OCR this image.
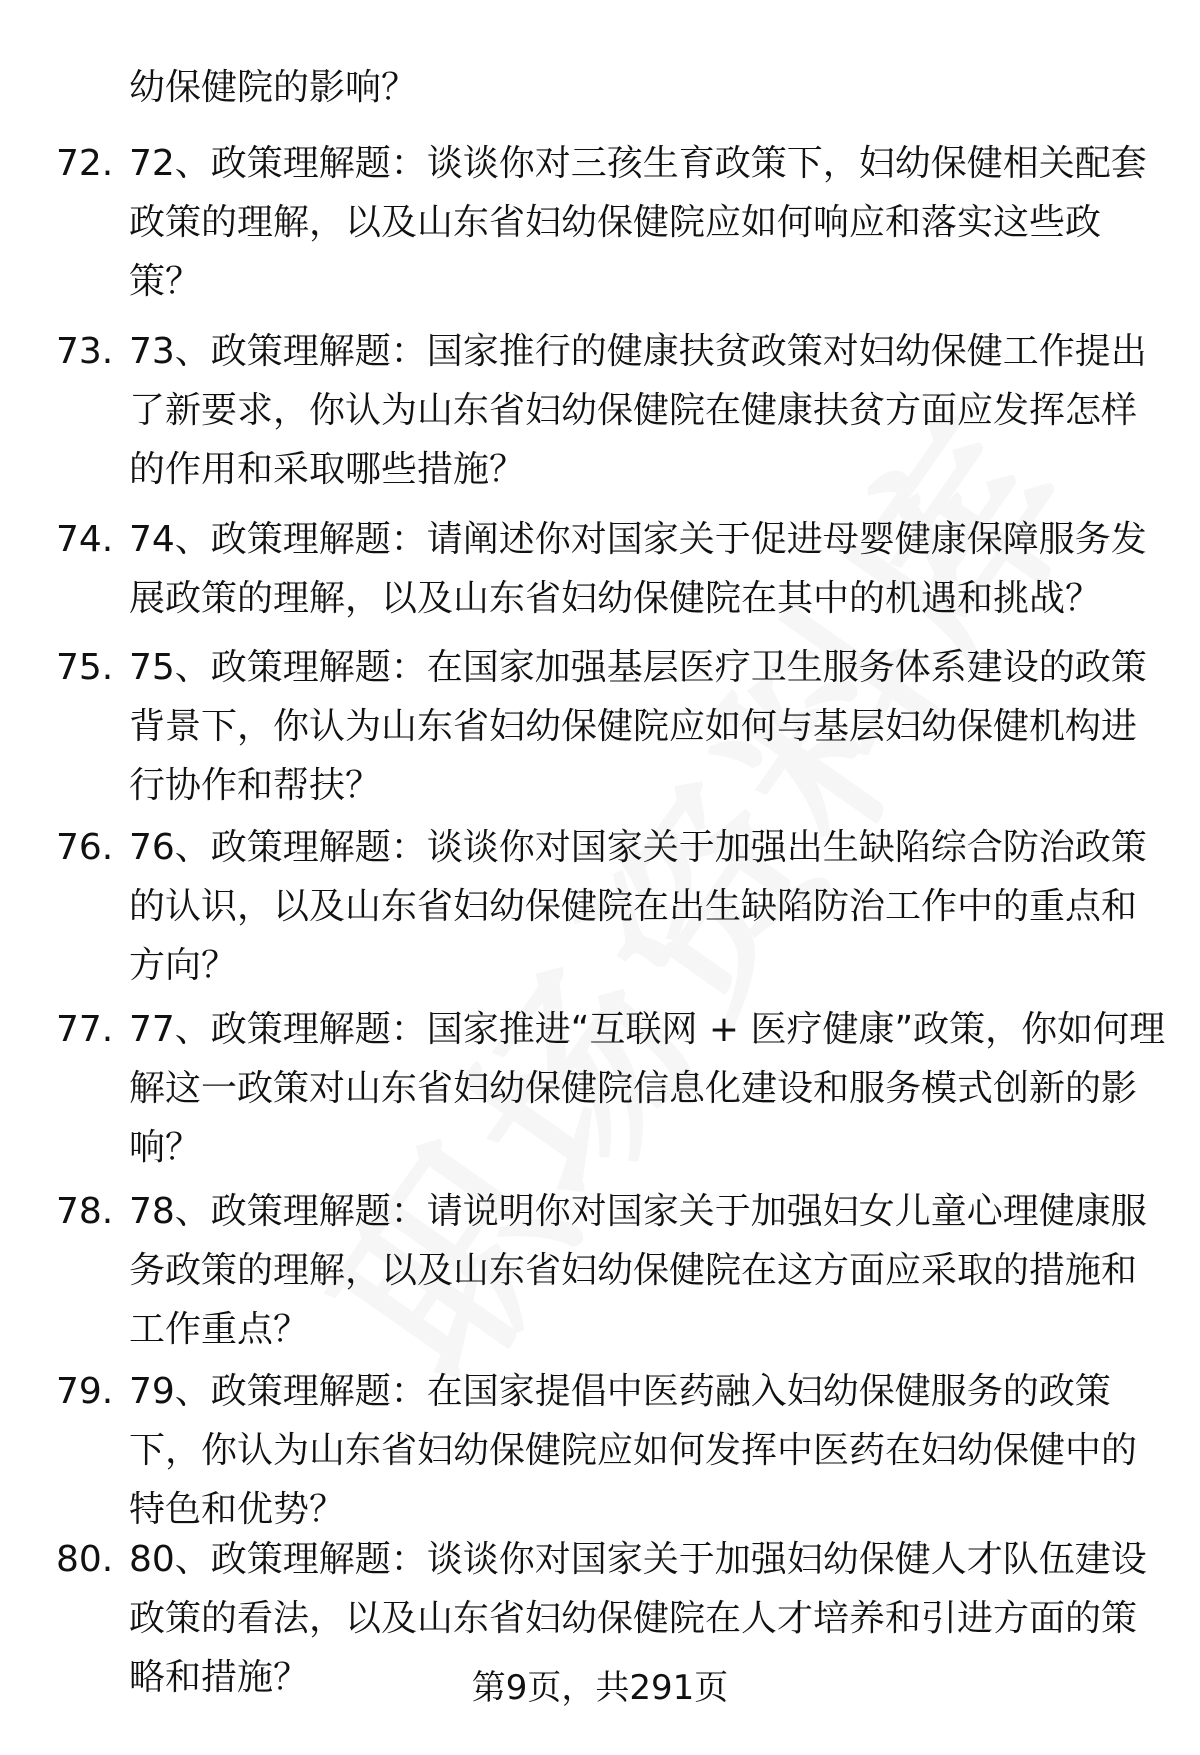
幼保健院的影响？
72. 72、政策理解题：谈谈你对三孩生育政策下，妇幼保健相关配套政策的理解，以及山东省妇幼保健院应如何响应和落实这些政策？
73. 73、政策理解题：国家推行的健康扶贫政策对妇幼保健工作提出了新要求，你认为山东省妇幼保健院在健康扶贫方面应发挥怎样的作用和采取哪些措施？
74. 74、政策理解题：请阐述你对国家关于促进母婴健康保障服务发展政策的理解，以及山东省妇幼保健院在其中的机遇和挑战？
75. 75、政策理解题：在国家加强基层医疗卫生服务体系建设的政策背景下，你认为山东省妇幼保健院应如何与基层妇幼保健机构进行协作和帮扶？
76. 76、政策理解题：谈谈你对国家关于加强出生缺陷综合防治政策的认识，以及山东省妇幼保健院在出生缺陷防治工作中的重点和方向？
77. 77、政策理解题：国家推进“互联网 + 医疗健康”政策，你如何理解这一政策对山东省妇幼保健院信息化建设和服务模式创新的影响？
78. 78、政策理解题：请说明你对国家关于加强妇女儿童心理健康服务政策的理解，以及山东省妇幼保健院在这方面应采取的措施和工作重点？
79. 79、政策理解题：在国家提倡中医药融入妇幼保健服务的政策下，你认为山东省妇幼保健院应如何发挥中医药在妇幼保健中的特色和优势？
80. 80、政策理解题：谈谈你对国家关于加强妇幼保健人才队伍建设政策的看法，以及山东省妇幼保健院在人才培养和引进方面的策略和措施？	第9页，共291页
